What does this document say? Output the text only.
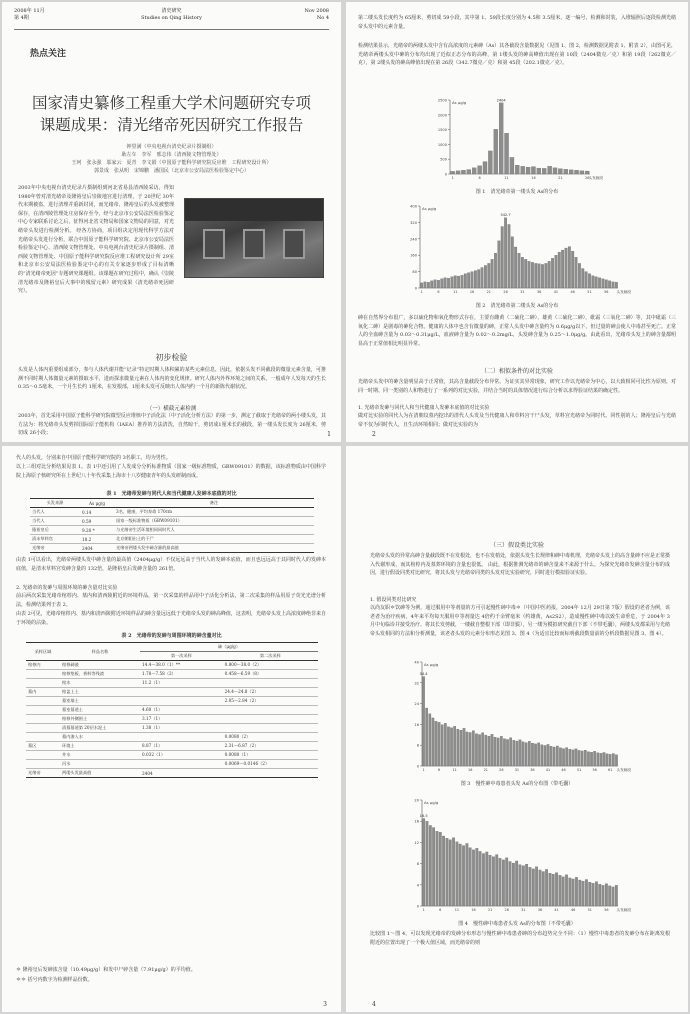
2008年 11月
第 4期
清史研究
Studies on Qing History
Nov 2008
No 4
热点关注
国家清史纂修工程重大学术问题研究专项
课题成果：清光绪帝死因研究工作报告
钟里满（中央电视台清史纪录片摄制组）
耿左车　李军　邢志伟（清西陵文物管理处）
王珂　张永强　邬家云　夏青　李文娟（中国原子能科学研究院反应堆　工程研究设计所）
郭景成　张从明　宋锦鹏　潘国民（北京市公安局法医检验鉴定中心）
2003年中央电视台清史纪录片摄制组到河北省易县清西陵采访，得知 1980年曾对清光绪帝及隆裕皇后崇陵地宫进行清理，于 20世纪 30年代末期被盗，进行清理并重新封闭，而光绪帝、隆裕皇后的头发被整理保存，在清西陵管理处庄房保存至今，经与北京市公安局法医检验鉴定中心专家联系讨论之后，征得河北省文物局和国家文物局的同意，对光绪帝头发进行检测分析。 经各方协商，项目组决定用现代科学方法对光绪帝头发进行分析，联合中国原子能科学研究院、北京市公安局法医检验鉴定中心、清西陵文物管理处、中央电视台清史纪录片摄制组、清西陵文物管理处、中国原子能科学研究院反应堆工程研究设计所 29室和北京市公安局法医检验鉴定中心的有关专家逐步形成了目标清晰的“清光绪帝死因”专题研究课题组。该课题在研究过程中，确认《崇陵清光绪帝及隆裕皇后大事中的残留元素》研究成果（清光绪帝死因研究）。
初步检验
头发是人体内重要组成部分，参与人体代谢并能“记录”特定时期人体积累的某些元素信息，因此，依据头发不同截段的微量元素含量，可推测不同时期人体微量元素的摄取水平，进而探求微量元素在人体内的变化规律。研究人体内外界环境之间的关系。一般成年人发每天的生长 0.35～0.5毫米，一个月生长约 1厘米，在发根部，1厘米头发可反映出人体内约一个月的新陈代谢状况。
（一）横截元素检测
2003年，首先采用中国原子能科学研究院微型反应堆核中子活化法（中子活化分析方法）的第一步，测定了截取于光绪帝的两小缕头发，其方法为：将光绪帝头发剪掉国际原子能机构（IAEA）推荐的方法清洗，自然晾干，剪切成1厘米长的截段，第一缕头发长度为 26厘米，剪切成 26小段；	1
第二缕头发长度约为 65厘米，剪切成 59小段，其中第 1、59段长度分别为 4.5和 3.5厘米，逐一编号，检测和封装，入堆辐照后逐段检测光绪帝头发中的元素含量。
检测结果显示，光绪帝的两缕头发中含有高浓度的元素砷（As）其各截段含量数据见（见图 1、图 2，检测数据见附表 1、附表 2），由图可见，光绪帝两缕头发中砷的分布均出现了近似正态分布的高峰，第 1缕头发的砷高峰值出现在第 10段（2404微克／克）和第 19段（262微克／克），第 2缕头发的砷高峰值出现在第 26段（342.7微克／克）和第 45段（202.1微克／克）。
0
500
1000
1500
2000
2500 As μg/g	2404
1	6	11	16	21	26 头发截段
图 1　清光绪帝第一缕头发 As的分布
0
80
160
240
320
400 As μg/g
342.7
1	6	11	16	21	26	31	36	41	46	51	56 头发截段
图 2　清光绪帝第二缕头发 As的分布
砷在自然界分布很广，多以硫化物和氧化物形式存在，主要有雌黄（二硫化二砷）、雄黄（三硫化二砷）、砒霜（三氧化二砷）等，其中砒霜（三氧化二砷）是剧毒的砷化合物。健康的人体中也含有微量的砷，正常人头发中砷含量约为 0.6μg/g以下，但过量的砷会使人中毒甚至死亡。正常人的全血砷含量为 0.03～0.31μg/L，血液砷含量为 0.02～0.2mg/L，头发砷含量为 0.25～1.0μg/g。由此看出，光绪帝头发上的砷含量都明显高于正常值相比明显异常。
（二）相似条件的对比实验
光绪帝头发中的砷含量明显高于正常值，其高含量截段分布异常。为证实其异常现象，研究工作以光绪帝为中心，以大致相同可比性为原则，对同一时期、同一类别的人和物进行了一系列的对比实验，并结合当时的具体情况进行综合分析以求得验证结果的确定性。
1. 光绪帝发砷与同代人和当代健康人发砷本底值的对比实验
做对比实验的同代人为在清朝坟墓内挖出的清代人头发及当代健康人和草料宫干尸头发，草料宫光绪帝为同时代、同性别的人；隆裕皇后与光绪帝不仅为同时代人，且生活环境相同；做对比实验的为
2
代人的头发，分别来自中国原子能科学研究院的 3名职工，均为男性。
以上三组对比分析结果见表 1。表 1中还引用了人发成分分析标准物质（国家一级标准物质，GBW09101）的数据，该标准物质由中国科学院上海原子核研究所在上世纪八十年代采集上海市十八岁健康青年的头发研制而成。
表 1　光绪帝发砷与同代人和当代健康人发砷本底值的对比
头发来源	As μg/g	备注
当代人	0.14	3名，健康，平均寿命 170cm
当代人	0.59	国家一级标准物质（GBW09101）
隆裕皇后	9.20 *	与光绪帝生活环境相同同时代人
清末草料宫	18.2	北京朝阳出土的干尸
光绪帝	2404	光绪帝两缕头发中砷含量的最高值
由表 1可以看出，光绪帝两缕头发中砷含量的最高值（2404μg/g）不仅远远高于当代人的发砷本底值，而且也远远高于其同时代人的发砷本底值，是清末草料宫发砷含量的 132倍，是隆裕皇后发砷含量的 261倍。
2. 光绪帝的发砷与周围环境的砷含量对比实验
前后两次采集光绪帝棺椁内、墓内和清西陵附近的环境样品，第一次采集的样品用中子活化分析法，第二次采集的样品用原子荧光光谱分析法，检测结果列于表 2。
由表 2可见，光绪帝棺椁内、墓内和清西陵附近环境样品的砷含量远远低于光绪帝头发的砷高峰值，这表明，光绪帝头发上高浓度砷绝非来自于环境的沾染。
表 2　光绪帝的发砷与周围环境的砷含量对比
采样区域	样品名称	砷（μg/g）	
		第一次采样	第二次采样
棺椁内	棺椁砷液	14.4～38.0（1）**	0.800～38.0（2）
	棺椁垫板、香料等残渣	1.78～7.58（2）	0.458～6.59（8）
	棺木	11.2（1）	
墓内	棺盖上土		24.4～24.8（2）
	墓室墙土		2.05～2.84（2）
	墓室墓道土	4.60（1）	
	棺椁外侧围土	3.17（1）	
	清墓墓道第 20层水泥土	1.38（1）	
	墓内渗入水		0.0080（2）
墓区	环境土	8.87（1）	2.31～6.87（2）
	井水	0.032（1）	0.0080（1）
	河水		0.0069～0.0146（2）
光绪帝	两缕头发最高值	2404	
＊ 隆裕皇后发砷浓含量（10.49μg/g）和发中尸碎含量（7.91μg/g）的平均值。
＊＊ 括号内数字为检测样品份数。
3
（三）假设类比实验
光绪帝头发的异常高砷含量截段既不在发根处，也不在发梢处，依据头发生长规律和砷中毒机理，光绪帝头发上的高含量砷不应是正常摄入代谢形成，而其棺椁内及墓葬环境的含量也很低。 由此，根据推测光绪帝的砷含量来不来源于什么，为探究光绪帝发砷含量分布的成因，进行假设同类对比研究，将其头发与光绪帝同类的头发对比实验研究，同时进行模拟验证实验。
1. 假设同类对比研究
以尚友职＊饮砷等为例，通过服用中等剂量的方可引起慢性砷中毒＊（中国中医药报，2004年 12月 29日第 7版）假设的老者为例，该老者为治疗疾病，4年来平均每天服用中等剂量达 4倍约千余臂毫米（约雄黄，As2S2），造成慢性砷中毒以致生命垂危，于 2004年 3月中旬临诊并接受治疗。将其长发剪截，一缕截自整根下部（即非鬓），另一缕为模拟研究截自下部（不带毛囊），两缕头发都采用与光绪帝头发相同的方法和分析测量，该老者头发的元素分布形态见图 3、图 4（为适宜比较而标明截段数量前的分析段数据见图 3、图 4）。
0
8
16
24
32
40 As μg/g
34.4
1	6	11	16	21	26	31	36	41	46	51	56	61 头发截段
图 3　慢性砷中毒患者头发 As的分布图（带毛囊）
0
4
8
12
16
20 As μg/g
16.5
1	6	11	16	21	26	31	36	41	46	51	56 头发截段
图 4　慢性砷中毒患者头发 As的分布图（不带毛囊）
比较图 1～图 4，可以发现光绪帝的发砷分布形态与慢性砷中毒患者砷的分布趋势完全不同：（1）慢性中毒患者的发砷分布在距离发根附近的位置出现了一个极大值区域，而光绪帝的则
4
